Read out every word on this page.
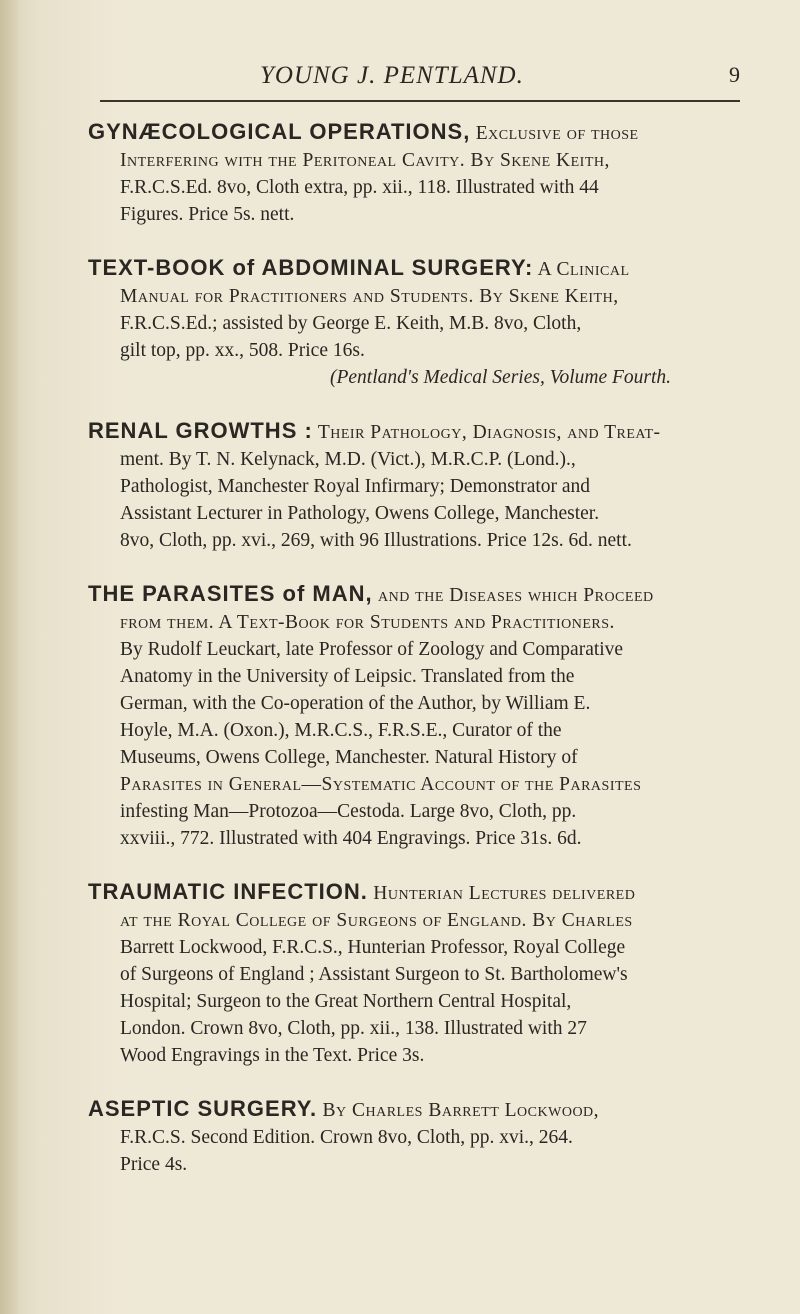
YOUNG J. PENTLAND.	9
GYNÆCOLOGICAL OPERATIONS, Exclusive of those
Interfering with the Peritoneal Cavity. By Skene Keith,
F.R.C.S.Ed. 8vo, Cloth extra, pp. xii., 118. Illustrated with 44
Figures. Price 5s. nett.
TEXT-BOOK of ABDOMINAL SURGERY: A Clinical
Manual for Practitioners and Students. By Skene Keith,
F.R.C.S.Ed.; assisted by George E. Keith, M.B. 8vo, Cloth,
gilt top, pp. xx., 508. Price 16s.
(Pentland's Medical Series, Volume Fourth.
RENAL GROWTHS : Their Pathology, Diagnosis, and Treat-
ment. By T. N. Kelynack, M.D. (Vict.), M.R.C.P. (Lond.).,
Pathologist, Manchester Royal Infirmary; Demonstrator and
Assistant Lecturer in Pathology, Owens College, Manchester.
8vo, Cloth, pp. xvi., 269, with 96 Illustrations. Price 12s. 6d. nett.
THE PARASITES of MAN, and the Diseases which Proceed
from them. A Text-Book for Students and Practitioners.
By Rudolf Leuckart, late Professor of Zoology and Comparative
Anatomy in the University of Leipsic. Translated from the
German, with the Co-operation of the Author, by William E.
Hoyle, M.A. (Oxon.), M.R.C.S., F.R.S.E., Curator of the
Museums, Owens College, Manchester. Natural History of
Parasites in General—Systematic Account of the Parasites
infesting Man—Protozoa—Cestoda. Large 8vo, Cloth, pp.
xxviii., 772. Illustrated with 404 Engravings. Price 31s. 6d.
TRAUMATIC INFECTION. Hunterian Lectures delivered
at the Royal College of Surgeons of England. By Charles
Barrett Lockwood, F.R.C.S., Hunterian Professor, Royal College
of Surgeons of England ; Assistant Surgeon to St. Bartholomew's
Hospital; Surgeon to the Great Northern Central Hospital,
London. Crown 8vo, Cloth, pp. xii., 138. Illustrated with 27
Wood Engravings in the Text. Price 3s.
ASEPTIC SURGERY. By Charles Barrett Lockwood,
F.R.C.S. Second Edition. Crown 8vo, Cloth, pp. xvi., 264.
Price 4s.
